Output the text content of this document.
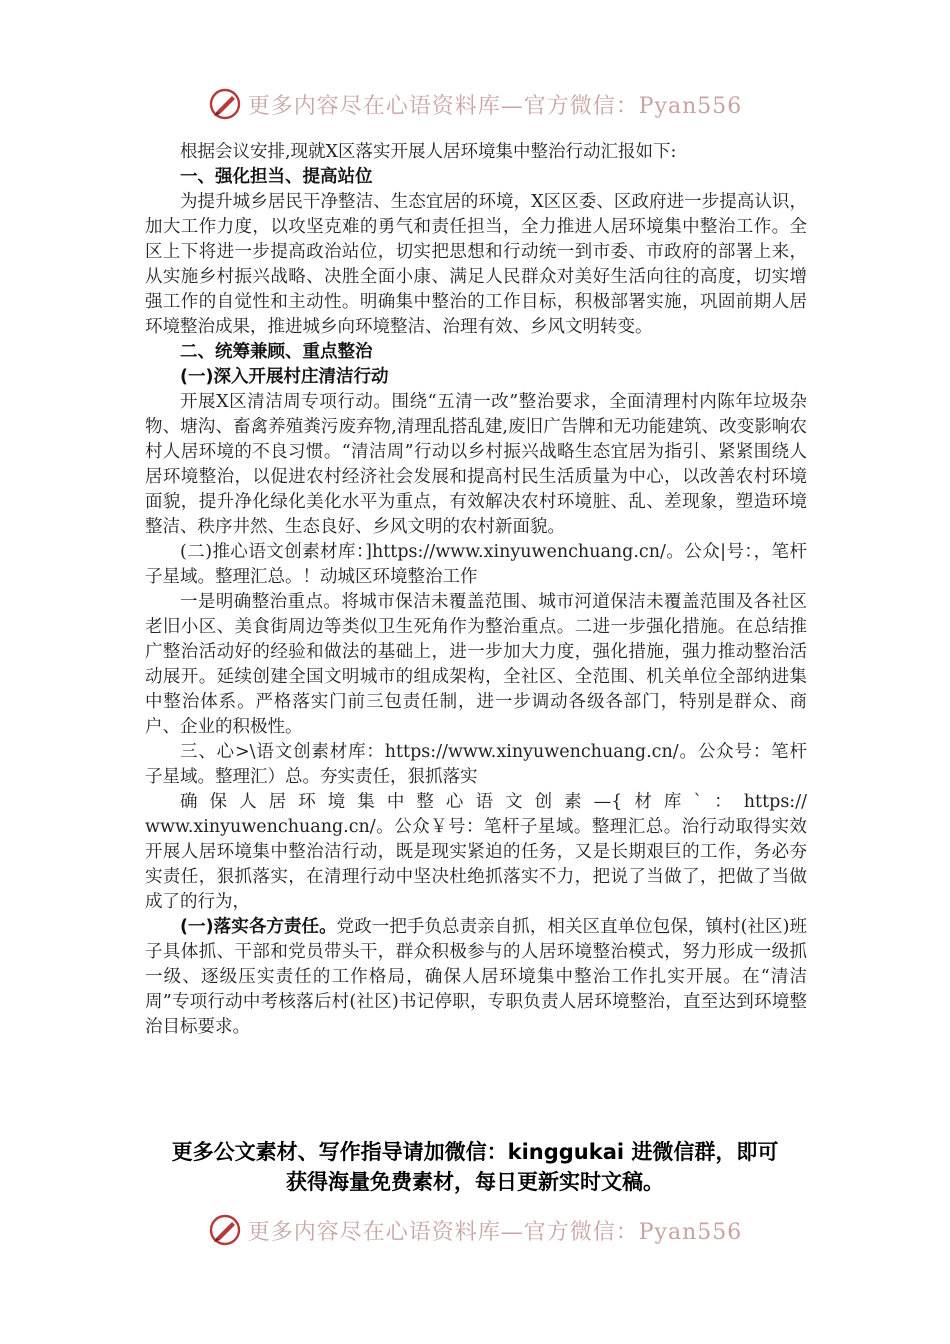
更多内容尽在心语资料库—官方微信：Pyan556

根据会议安排,现就X区落实开展人居环境集中整治行动汇报如下:

一、强化担当、提高站位

为提升城乡居民干净整洁、生态宜居的环境，X区区委、区政府进一步提高认识，加大工作力度，以攻坚克难的勇气和责任担当，全力推进人居环境集中整治工作。全区上下将进一步提高政治站位，切实把思想和行动统一到市委、市政府的部署上来，从实施乡村振兴战略、决胜全面小康、满足人民群众对美好生活向往的高度，切实增强工作的自觉性和主动性。明确集中整治的工作目标，积极部署实施，巩固前期人居环境整治成果，推进城乡向环境整洁、治理有效、乡风文明转变。

二、统筹兼顾、重点整治

(一)深入开展村庄清洁行动

开展X区清洁周专项行动。围绕“五清一改”整治要求，全面清理村内陈年垃圾杂物、塘沟、畜禽养殖粪污废弃物,清理乱搭乱建,废旧广告牌和无功能建筑、改变影响农村人居环境的不良习惯。“清洁周”行动以乡村振兴战略生态宜居为指引、紧紧围绕人居环境整治，以促进农村经济社会发展和提高村民生活质量为中心，以改善农村环境面貌，提升净化绿化美化水平为重点，有效解决农村环境脏、乱、差现象，塑造环境整洁、秩序井然、生态良好、乡风文明的农村新面貌。

(二)推心语文创素材库：]https://www.xinyuwenchuang.cn/。公众|号：，笔杆子星域。整理汇总。！动城区环境整治工作

一是明确整治重点。将城市保洁未覆盖范围、城市河道保洁未覆盖范围及各社区老旧小区、美食街周边等类似卫生死角作为整治重点。二进一步强化措施。在总结推广整治活动好的经验和做法的基础上，进一步加大力度，强化措施，强力推动整治活动展开。延续创建全国文明城市的组成架构，全社区、全范围、机关单位全部纳进集中整治体系。严格落实门前三包责任制，进一步调动各级各部门，特别是群众、商户、企业的积极性。

三、心>\语文创素材库：https://www.xinyuwenchuang.cn/。公众号：笔杆子星域。整理汇）总。夯实责任，狠抓落实

确保人居环境集中整心语文创素—{材库`：https://

www.xinyuwenchuang.cn/。公众￥号：笔杆子星域。整理汇总。治行动取得实效开展人居环境集中整治洁行动，既是现实紧迫的任务，又是长期艰巨的工作，务必夯实责任，狠抓落实，在清理行动中坚决杜绝抓落实不力，把说了当做了，把做了当做成了的行为，

(一)落实各方责任。党政一把手负总责亲自抓，相关区直单位包保，镇村(社区)班子具体抓、干部和党员带头干，群众积极参与的人居环境整治模式，努力形成一级抓一级、逐级压实责任的工作格局，确保人居环境集中整治工作扎实开展。在“清洁周”专项行动中考核落后村(社区)书记停职，专职负责人居环境整治，直至达到环境整治目标要求。

更多公文素材、写作指导请加微信：kinggukai 进微信群，即可
获得海量免费素材，每日更新实时文稿。
更多内容尽在心语资料库—官方微信：Pyan556
